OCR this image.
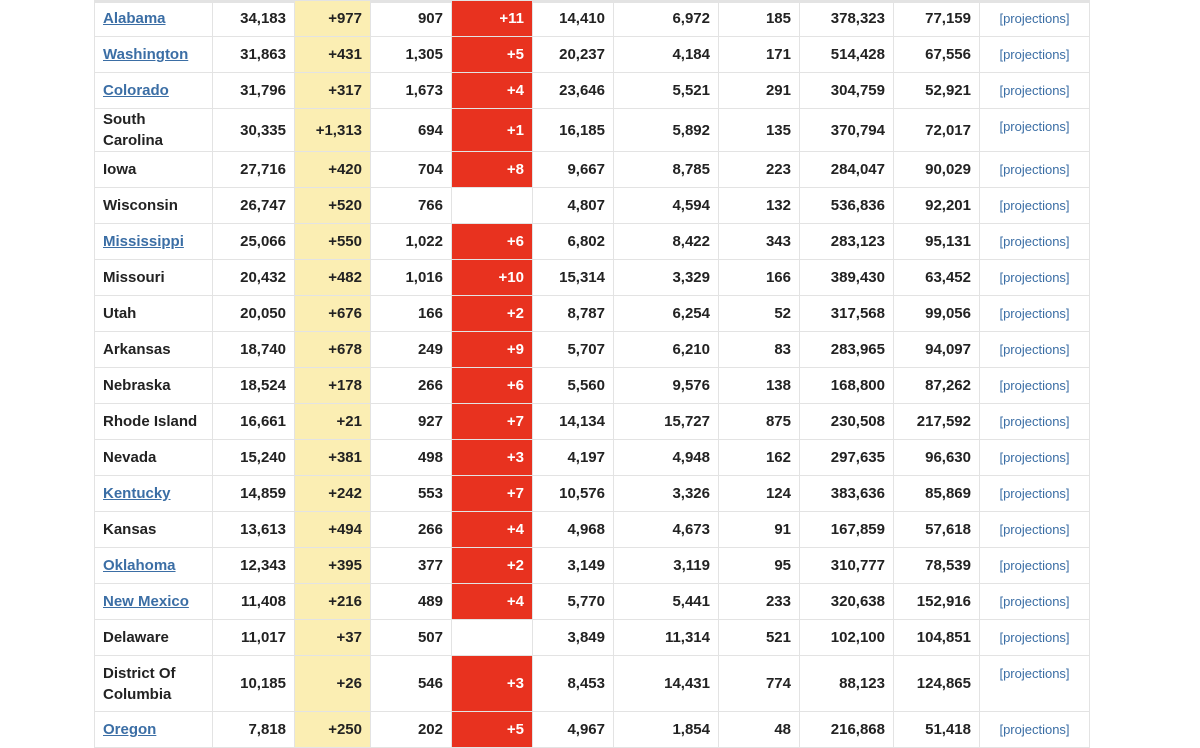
Alabama	34,183	+977	907	+11	14,410	6,972	185	378,323	77,159	[projections]
Washington	31,863	+431	1,305	+5	20,237	4,184	171	514,428	67,556	[projections]
Colorado	31,796	+317	1,673	+4	23,646	5,521	291	304,759	52,921	[projections]
South Carolina	30,335	+1,313	694	+1	16,185	5,892	135	370,794	72,017	[projections]
Iowa	27,716	+420	704	+8	9,667	8,785	223	284,047	90,029	[projections]
Wisconsin	26,747	+520	766		4,807	4,594	132	536,836	92,201	[projections]
Mississippi	25,066	+550	1,022	+6	6,802	8,422	343	283,123	95,131	[projections]
Missouri	20,432	+482	1,016	+10	15,314	3,329	166	389,430	63,452	[projections]
Utah	20,050	+676	166	+2	8,787	6,254	52	317,568	99,056	[projections]
Arkansas	18,740	+678	249	+9	5,707	6,210	83	283,965	94,097	[projections]
Nebraska	18,524	+178	266	+6	5,560	9,576	138	168,800	87,262	[projections]
Rhode Island	16,661	+21	927	+7	14,134	15,727	875	230,508	217,592	[projections]
Nevada	15,240	+381	498	+3	4,197	4,948	162	297,635	96,630	[projections]
Kentucky	14,859	+242	553	+7	10,576	3,326	124	383,636	85,869	[projections]
Kansas	13,613	+494	266	+4	4,968	4,673	91	167,859	57,618	[projections]
Oklahoma	12,343	+395	377	+2	3,149	3,119	95	310,777	78,539	[projections]
New Mexico	11,408	+216	489	+4	5,770	5,441	233	320,638	152,916	[projections]
Delaware	11,017	+37	507		3,849	11,314	521	102,100	104,851	[projections]
District Of Columbia	10,185	+26	546	+3	8,453	14,431	774	88,123	124,865	[projections]
Oregon	7,818	+250	202	+5	4,967	1,854	48	216,868	51,418	[projections]
